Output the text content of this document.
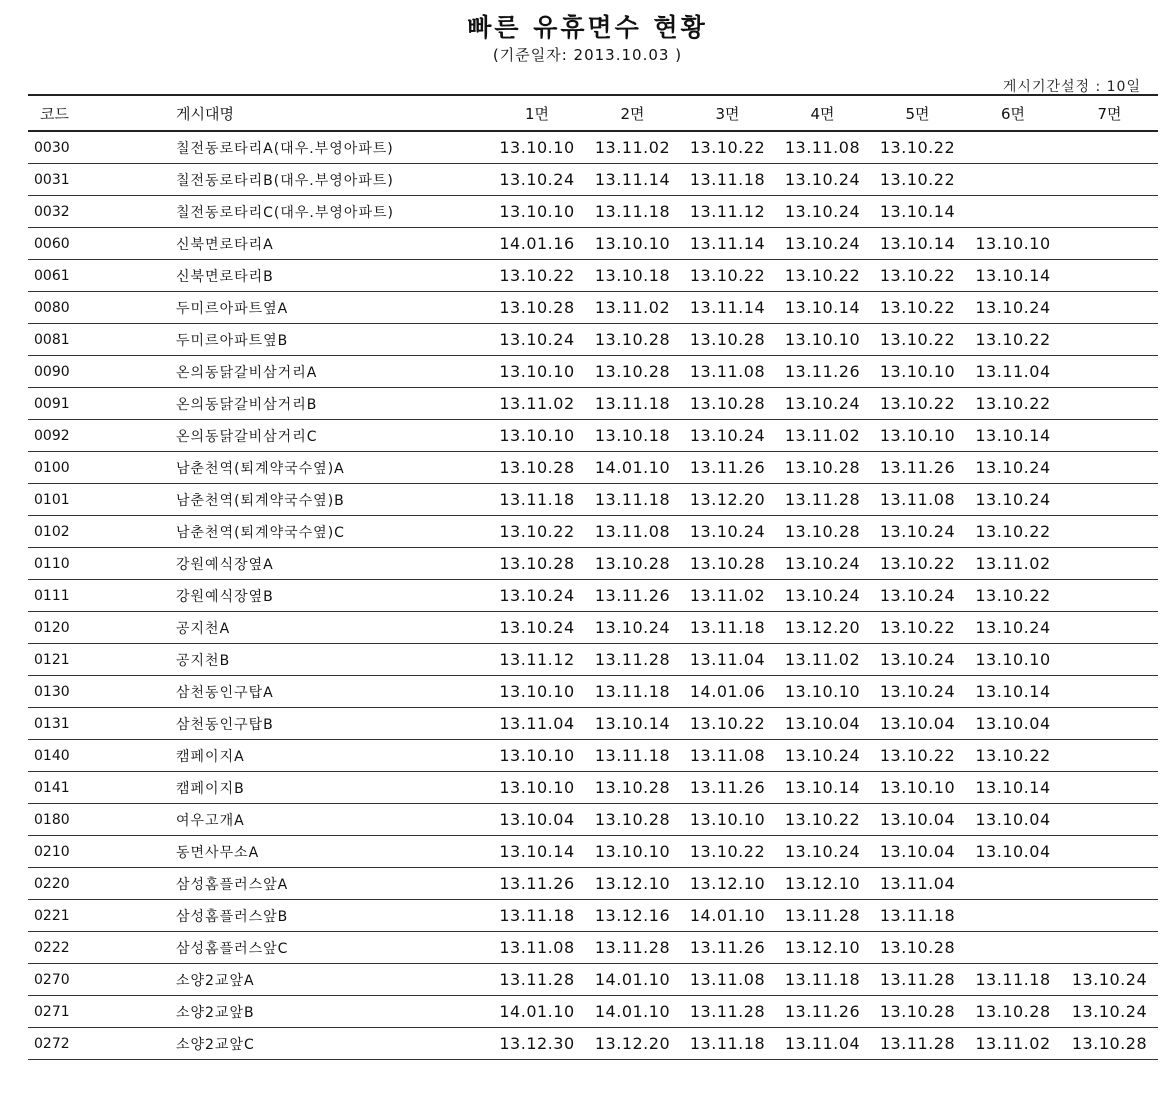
빠른 유휴면수 현황
(기준일자: 2013.10.03 )
게시기간설정 : 10일
코드	게시대명	1면	2면	3면	4면	5면	6면	7면
0030	칠전동로타리A(대우.부영아파트)	13.10.10	13.11.02	13.10.22	13.11.08	13.10.22		
0031	칠전동로타리B(대우.부영아파트)	13.10.24	13.11.14	13.11.18	13.10.24	13.10.22		
0032	칠전동로타리C(대우.부영아파트)	13.10.10	13.11.18	13.11.12	13.10.24	13.10.14		
0060	신북면로타리A	14.01.16	13.10.10	13.11.14	13.10.24	13.10.14	13.10.10	
0061	신북면로타리B	13.10.22	13.10.18	13.10.22	13.10.22	13.10.22	13.10.14	
0080	두미르아파트옆A	13.10.28	13.11.02	13.11.14	13.10.14	13.10.22	13.10.24	
0081	두미르아파트옆B	13.10.24	13.10.28	13.10.28	13.10.10	13.10.22	13.10.22	
0090	온의동닭갈비삼거리A	13.10.10	13.10.28	13.11.08	13.11.26	13.10.10	13.11.04	
0091	온의동닭갈비삼거리B	13.11.02	13.11.18	13.10.28	13.10.24	13.10.22	13.10.22	
0092	온의동닭갈비삼거리C	13.10.10	13.10.18	13.10.24	13.11.02	13.10.10	13.10.14	
0100	남춘천역(퇴계약국수옆)A	13.10.28	14.01.10	13.11.26	13.10.28	13.11.26	13.10.24	
0101	남춘천역(퇴계약국수옆)B	13.11.18	13.11.18	13.12.20	13.11.28	13.11.08	13.10.24	
0102	남춘천역(퇴계약국수옆)C	13.10.22	13.11.08	13.10.24	13.10.28	13.10.24	13.10.22	
0110	강원예식장옆A	13.10.28	13.10.28	13.10.28	13.10.24	13.10.22	13.11.02	
0111	강원예식장옆B	13.10.24	13.11.26	13.11.02	13.10.24	13.10.24	13.10.22	
0120	공지천A	13.10.24	13.10.24	13.11.18	13.12.20	13.10.22	13.10.24	
0121	공지천B	13.11.12	13.11.28	13.11.04	13.11.02	13.10.24	13.10.10	
0130	삼천동인구탑A	13.10.10	13.11.18	14.01.06	13.10.10	13.10.24	13.10.14	
0131	삼천동인구탑B	13.11.04	13.10.14	13.10.22	13.10.04	13.10.04	13.10.04	
0140	캠페이지A	13.10.10	13.11.18	13.11.08	13.10.24	13.10.22	13.10.22	
0141	캠페이지B	13.10.10	13.10.28	13.11.26	13.10.14	13.10.10	13.10.14	
0180	여우고개A	13.10.04	13.10.28	13.10.10	13.10.22	13.10.04	13.10.04	
0210	동면사무소A	13.10.14	13.10.10	13.10.22	13.10.24	13.10.04	13.10.04	
0220	삼성홈플러스앞A	13.11.26	13.12.10	13.12.10	13.12.10	13.11.04		
0221	삼성홈플러스앞B	13.11.18	13.12.16	14.01.10	13.11.28	13.11.18		
0222	삼성홈플러스앞C	13.11.08	13.11.28	13.11.26	13.12.10	13.10.28		
0270	소양2교앞A	13.11.28	14.01.10	13.11.08	13.11.18	13.11.28	13.11.18	13.10.24
0271	소양2교앞B	14.01.10	14.01.10	13.11.28	13.11.26	13.10.28	13.10.28	13.10.24
0272	소양2교앞C	13.12.30	13.12.20	13.11.18	13.11.04	13.11.28	13.11.02	13.10.28
